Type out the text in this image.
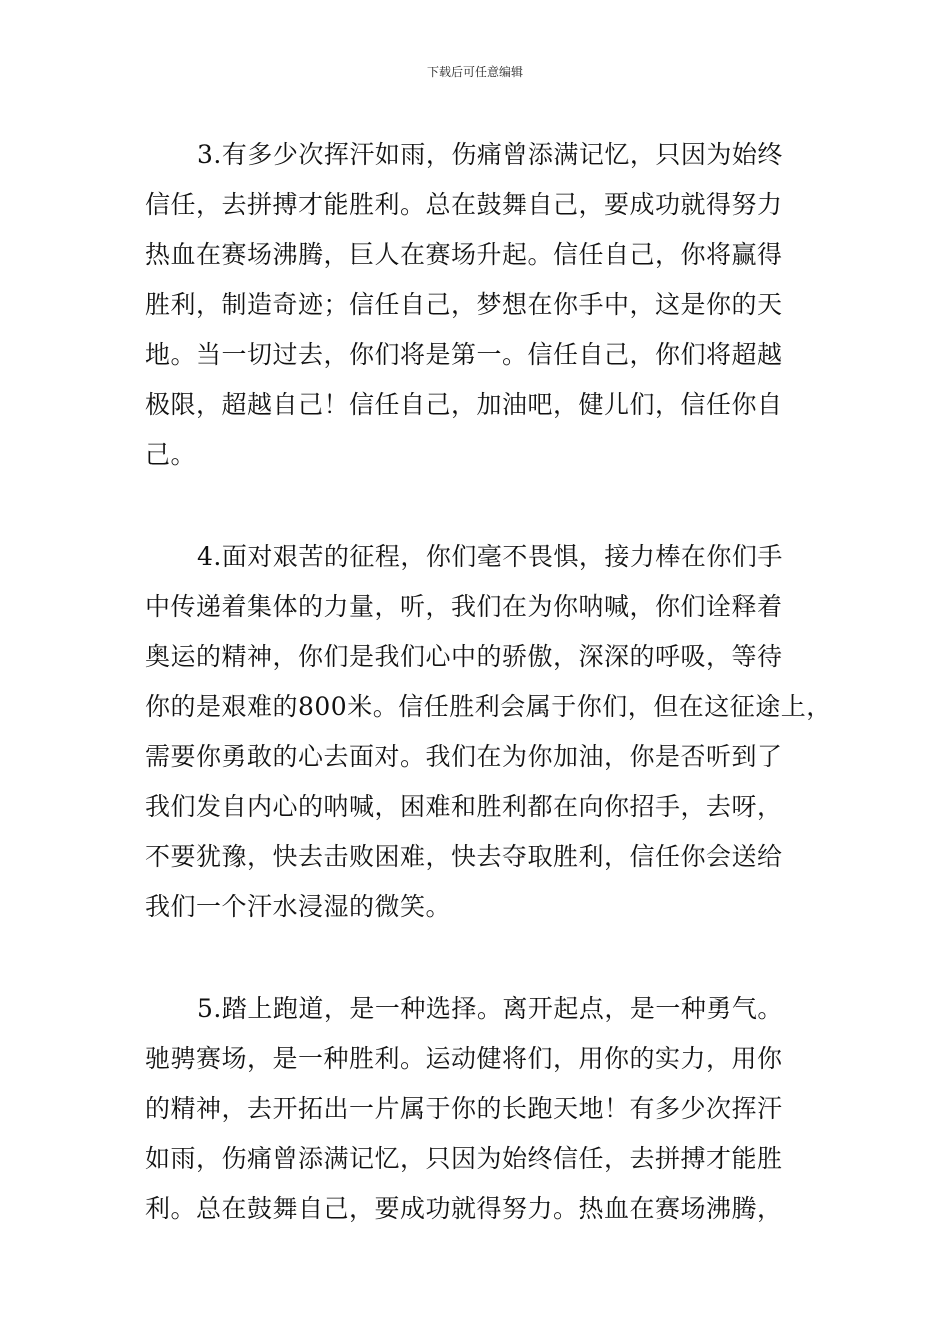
下载后可任意编辑
3.有多少次挥汗如雨，伤痛曾添满记忆，只因为始终
信任，去拼搏才能胜利。总在鼓舞自己，要成功就得努力
热血在赛场沸腾，巨人在赛场升起。信任自己，你将赢得
胜利，制造奇迹；信任自己，梦想在你手中，这是你的天
地。当一切过去，你们将是第一。信任自己，你们将超越
极限，超越自己！信任自己，加油吧，健儿们，信任你自
己。
4.面对艰苦的征程，你们毫不畏惧，接力棒在你们手
中传递着集体的力量，听，我们在为你呐喊，你们诠释着
奥运的精神，你们是我们心中的骄傲，深深的呼吸，等待
你的是艰难的800米。信任胜利会属于你们，但在这征途上，
需要你勇敢的心去面对。我们在为你加油，你是否听到了
我们发自内心的呐喊，困难和胜利都在向你招手，去呀，
不要犹豫，快去击败困难，快去夺取胜利，信任你会送给
我们一个汗水浸湿的微笑。
5.踏上跑道，是一种选择。离开起点，是一种勇气。
驰骋赛场，是一种胜利。运动健将们，用你的实力，用你
的精神，去开拓出一片属于你的长跑天地！有多少次挥汗
如雨，伤痛曾添满记忆，只因为始终信任，去拼搏才能胜
利。总在鼓舞自己，要成功就得努力。热血在赛场沸腾，
